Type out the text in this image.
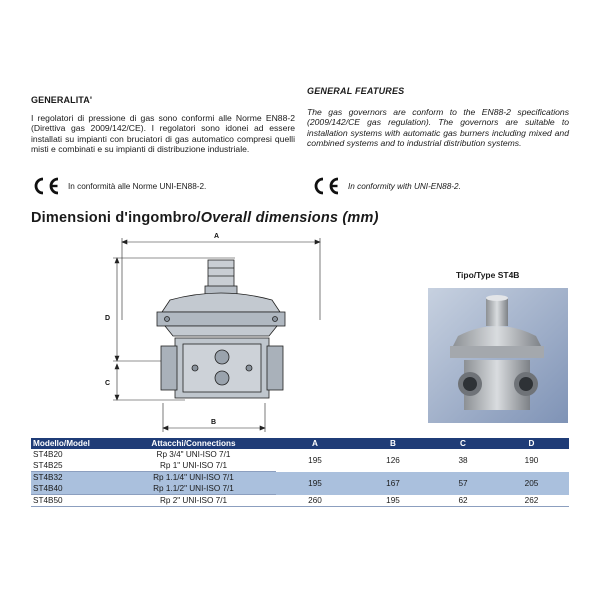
GENERALITA'
I regolatori di pressione di gas sono conformi alle Norme EN88-2 (Direttiva gas 2009/142/CE). I regolatori sono idonei ad essere installati su impianti con bruciatori di gas automatico compresi quelli misti e combinati e su impianti di distribuzione industriale.
GENERAL FEATURES
The gas governors are conform to the EN88-2 specifications (2009/142/CE gas regulation). The governors are suitable to installation systems with automatic gas burners including mixed and combined systems and to industrial distribution systems.
In conformità alle Norme UNI-EN88-2.	In conformity with UNI-EN88-2.
Dimensioni d'ingombro/Overall dimensions (mm)
A
D
C
B
Tipo/Type ST4B
Modello/Model	Attacchi/Connections	A	B	C	D
ST4B20	Rp 3/4" UNI-ISO 7/1	195	126	38	190
ST4B25	Rp 1" UNI-ISO 7/1				
ST4B32	Rp 1.1/4" UNI-ISO 7/1	195	167	57	205
ST4B40	Rp 1.1/2" UNI-ISO 7/1				
ST4B50	Rp 2" UNI-ISO 7/1	260	195	62	262
